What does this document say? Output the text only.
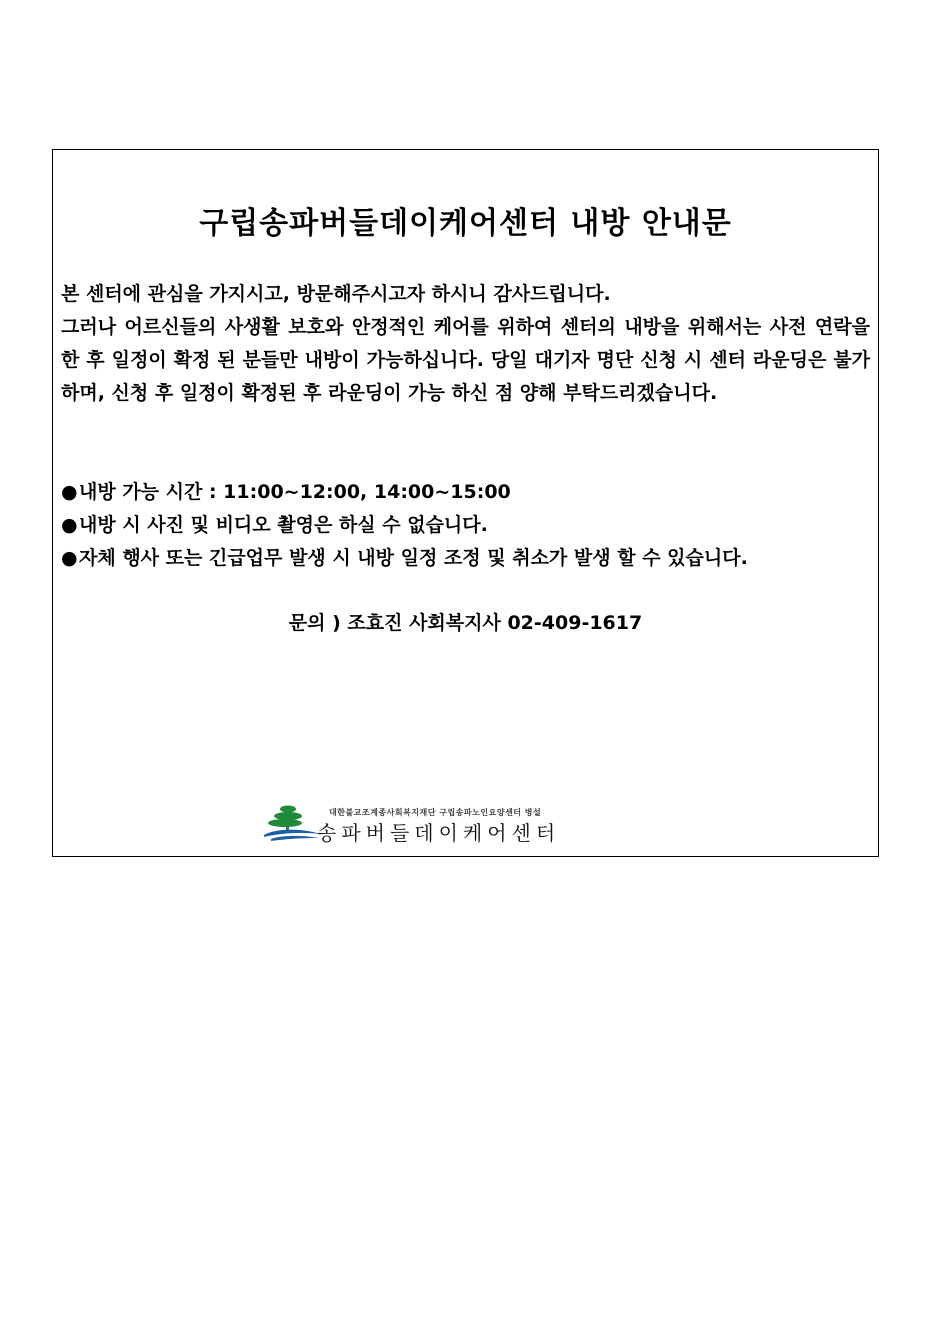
구립송파버들데이케어센터 내방 안내문

본 센터에 관심을 가지시고, 방문해주시고자 하시니 감사드립니다.
그러나 어르신들의 사생활 보호와 안정적인 케어를 위하여 센터의 내방을 위해서는 사전 연락을 한 후 일정이 확정 된 분들만 내방이 가능하십니다. 당일 대기자 명단 신청 시 센터 라운딩은 불가 하며, 신청 후 일정이 확정된 후 라운딩이 가능 하신 점 양해 부탁드리겠습니다.

●내방 가능 시간 : 11:00~12:00, 14:00~15:00
●내방 시 사진 및 비디오 촬영은 하실 수 없습니다.
●자체 행사 또는 긴급업무 발생 시 내방 일정 조정 및 취소가 발생 할 수 있습니다.

문의 ) 조효진 사회복지사 02-409-1617

대한불교조계종사회복지재단 구립송파노인요양센터 병설
송파버들데이케어센터
